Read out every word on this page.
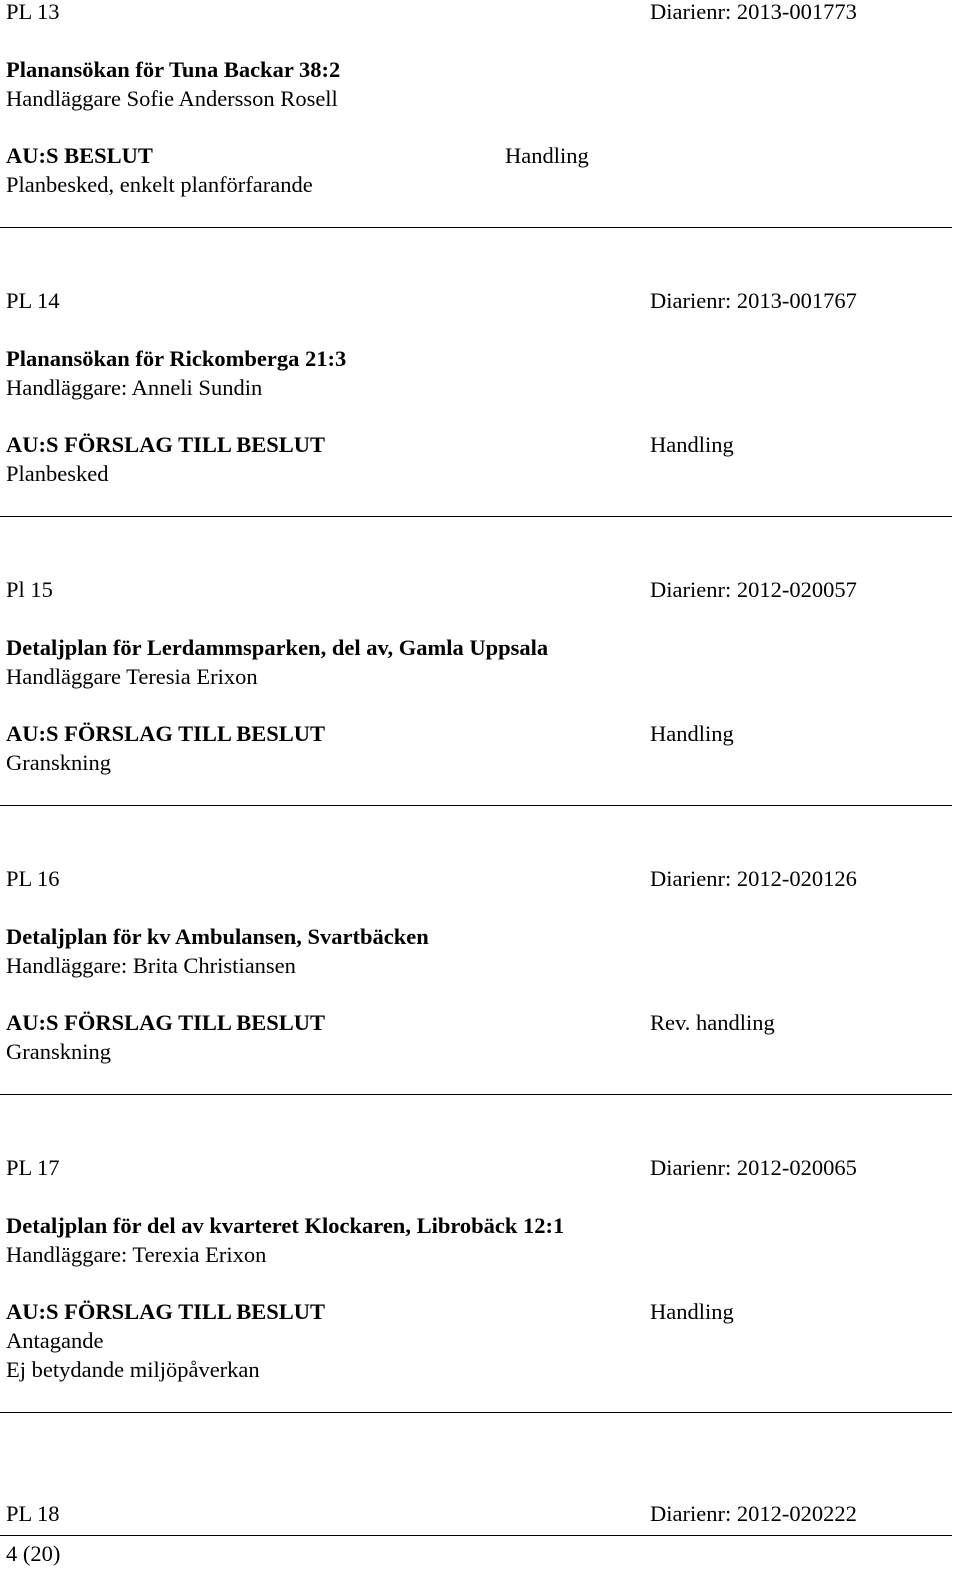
PL 13	Diarienr: 2013-001773
Planansökan för Tuna Backar 38:2
Handläggare Sofie Andersson Rosell
AU:S BESLUT	Handling
Planbesked, enkelt planförfarande
PL 14	Diarienr: 2013-001767
Planansökan för Rickomberga 21:3
Handläggare: Anneli Sundin
AU:S FÖRSLAG TILL BESLUT	Handling
Planbesked
Pl 15	Diarienr: 2012-020057
Detaljplan för Lerdammsparken, del av, Gamla Uppsala
Handläggare Teresia Erixon
AU:S FÖRSLAG TILL BESLUT	Handling
Granskning
PL 16	Diarienr: 2012-020126
Detaljplan för kv Ambulansen, Svartbäcken
Handläggare: Brita Christiansen
AU:S FÖRSLAG TILL BESLUT	Rev. handling
Granskning
PL 17	Diarienr: 2012-020065
Detaljplan för del av kvarteret Klockaren, Librobäck 12:1
Handläggare: Terexia Erixon
AU:S FÖRSLAG TILL BESLUT	Handling
Antagande
Ej betydande miljöpåverkan
PL 18	Diarienr: 2012-020222
4 (20)
